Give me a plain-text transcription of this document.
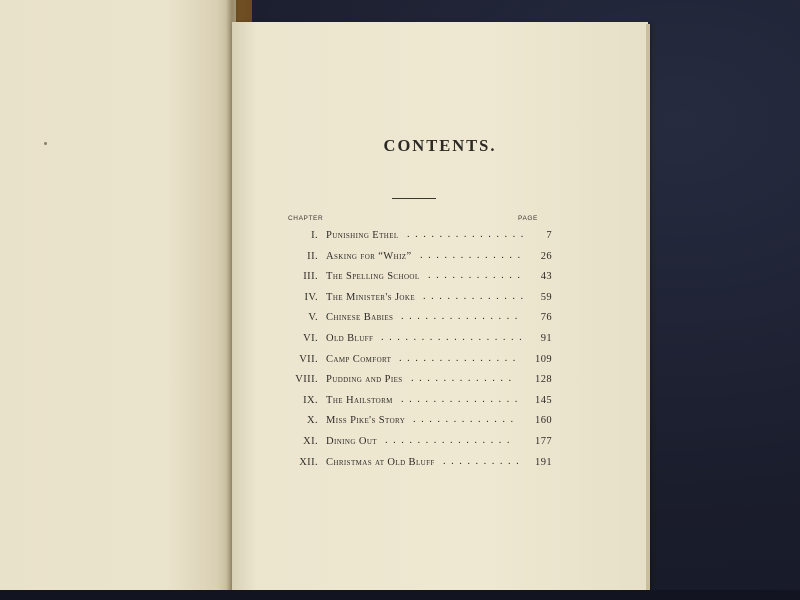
CONTENTS.
CHAPTER	PAGE
I. Punishing Ethel ...............	7
II. Asking for “Whiz” .............	26
III. The Spelling School ............	43
IV. The Minister's Joke .............	59
V. Chinese Babies ...............	76
VI. Old Bluff ..................	91
VII. Camp Comfort ...............	109
VIII. Pudding and Pies .............	128
IX. The Hailstorm ...............	145
X. Miss Pike's Story .............	160
XI. Dining Out ................	177
XII. Christmas at Old Bluff ..........	191
